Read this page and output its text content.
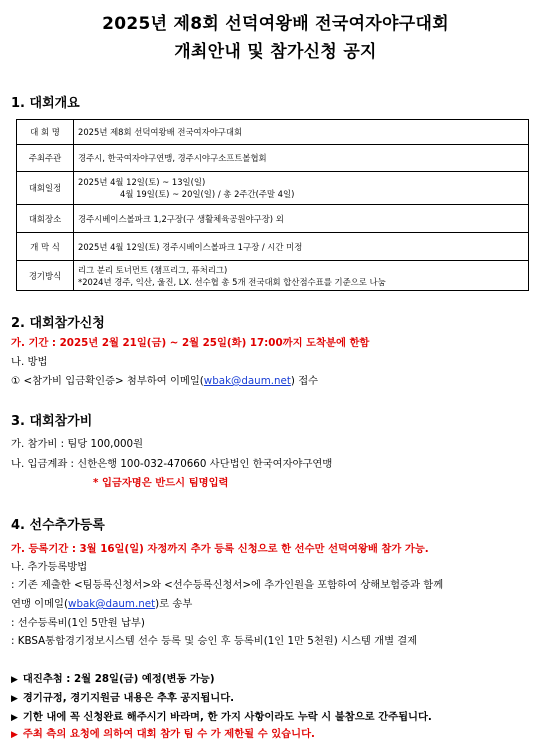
2025년 제8회 선덕여왕배 전국여자야구대회
개최안내 및 참가신청 공지
1. 대회개요
대 회 명	2025년 제8회 선덕여왕배 전국여자야구대회
주최주관	경주시, 한국여자야구연맹, 경주시야구소프트볼협회
대회일정	2025년 4월 12일(토) ~ 13일(일)
4월 19일(토) ~ 20일(일) / 총 2주간(주말 4일)

대회장소	경주시베이스볼파크 1,2구장(구 생활체육공원야구장) 외
개 막 식	2025년 4월 12일(토) 경주시베이스볼파크 1구장 / 시간 미정
경기방식	리그 분리 토너먼트 (챔프리그, 퓨처리그)
*2024년 경주, 익산, 울진, LX. 선수협 총 5개 전국대회 합산점수표를 기준으로 나눔
2. 대회참가신청
가. 기간 : 2025년 2월 21일(금) ~ 2월 25일(화) 17:00까지 도착분에 한함
나. 방법
① <참가비 입금확인증> 첨부하여 이메일(wbak@daum.net) 접수
3. 대회참가비
가. 참가비 : 팀당 100,000원
나. 입금계좌 : 신한은행 100-032-470660 사단법인 한국여자야구연맹
* 입금자명은 반드시 팀명입력
4. 선수추가등록
가. 등록기간 : 3월 16일(일) 자정까지 추가 등록 신청으로 한 선수만 선덕여왕배 참가 가능.
나. 추가등록방법
: 기존 제출한 <팀등록신청서>와 <선수등록신청서>에 추가인원을 포함하여 상해보험증과 함께
연맹 이메일(wbak@daum.net)로 송부
: 선수등록비(1인 5만원 납부)
: KBSA통합경기정보시스템 선수 등록 및 승인 후 등록비(1인 1만 5천원) 시스템 개별 결제
▶ 대진추첨 : 2월 28일(금) 예정(변동 가능)
▶ 경기규정, 경기지원금 내용은 추후 공지됩니다.
▶ 기한 내에 꼭 신청완료 해주시기 바라며, 한 가지 사항이라도 누락 시 불참으로 간주됩니다.
▶ 주최 측의 요청에 의하여 대회 참가 팀 수 가 제한될 수 있습니다.
